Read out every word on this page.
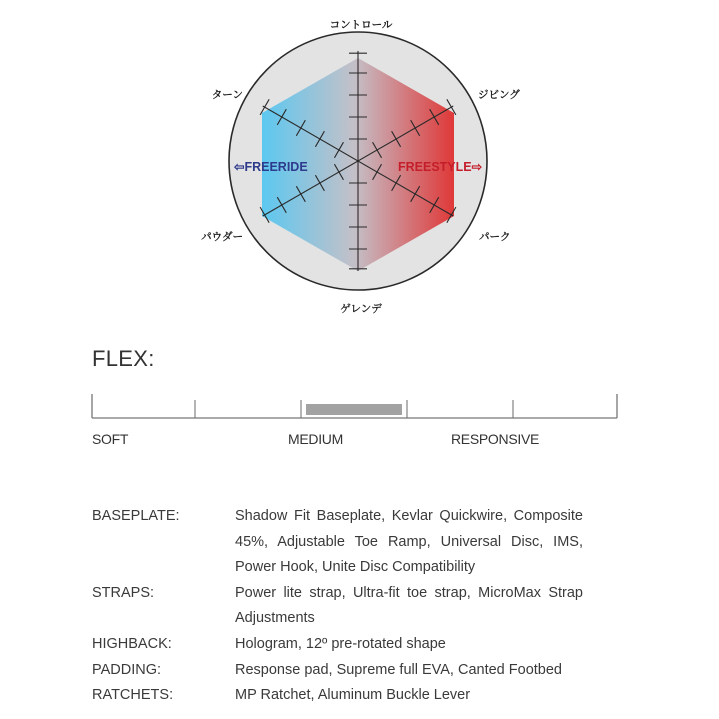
コントロール
ジビング
パーク
ゲレンデ
パウダー
ターン
⇦FREERIDE	FREESTYLE⇨
FLEX:
SOFT	MEDIUM	RESPONSIVE
BASEPLATE:	Shadow Fit Baseplate, Kevlar Quickwire, Composite 45%, Adjustable Toe Ramp, Universal Disc, IMS, Power Hook, Unite Disc Compatibility
STRAPS:	Power lite strap, Ultra-fit toe strap, MicroMax Strap Adjustments
HIGHBACK:	Hologram, 12º pre-rotated shape
PADDING:	Response pad, Supreme full EVA, Canted Footbed
RATCHETS:	MP Ratchet, Aluminum Buckle Lever
